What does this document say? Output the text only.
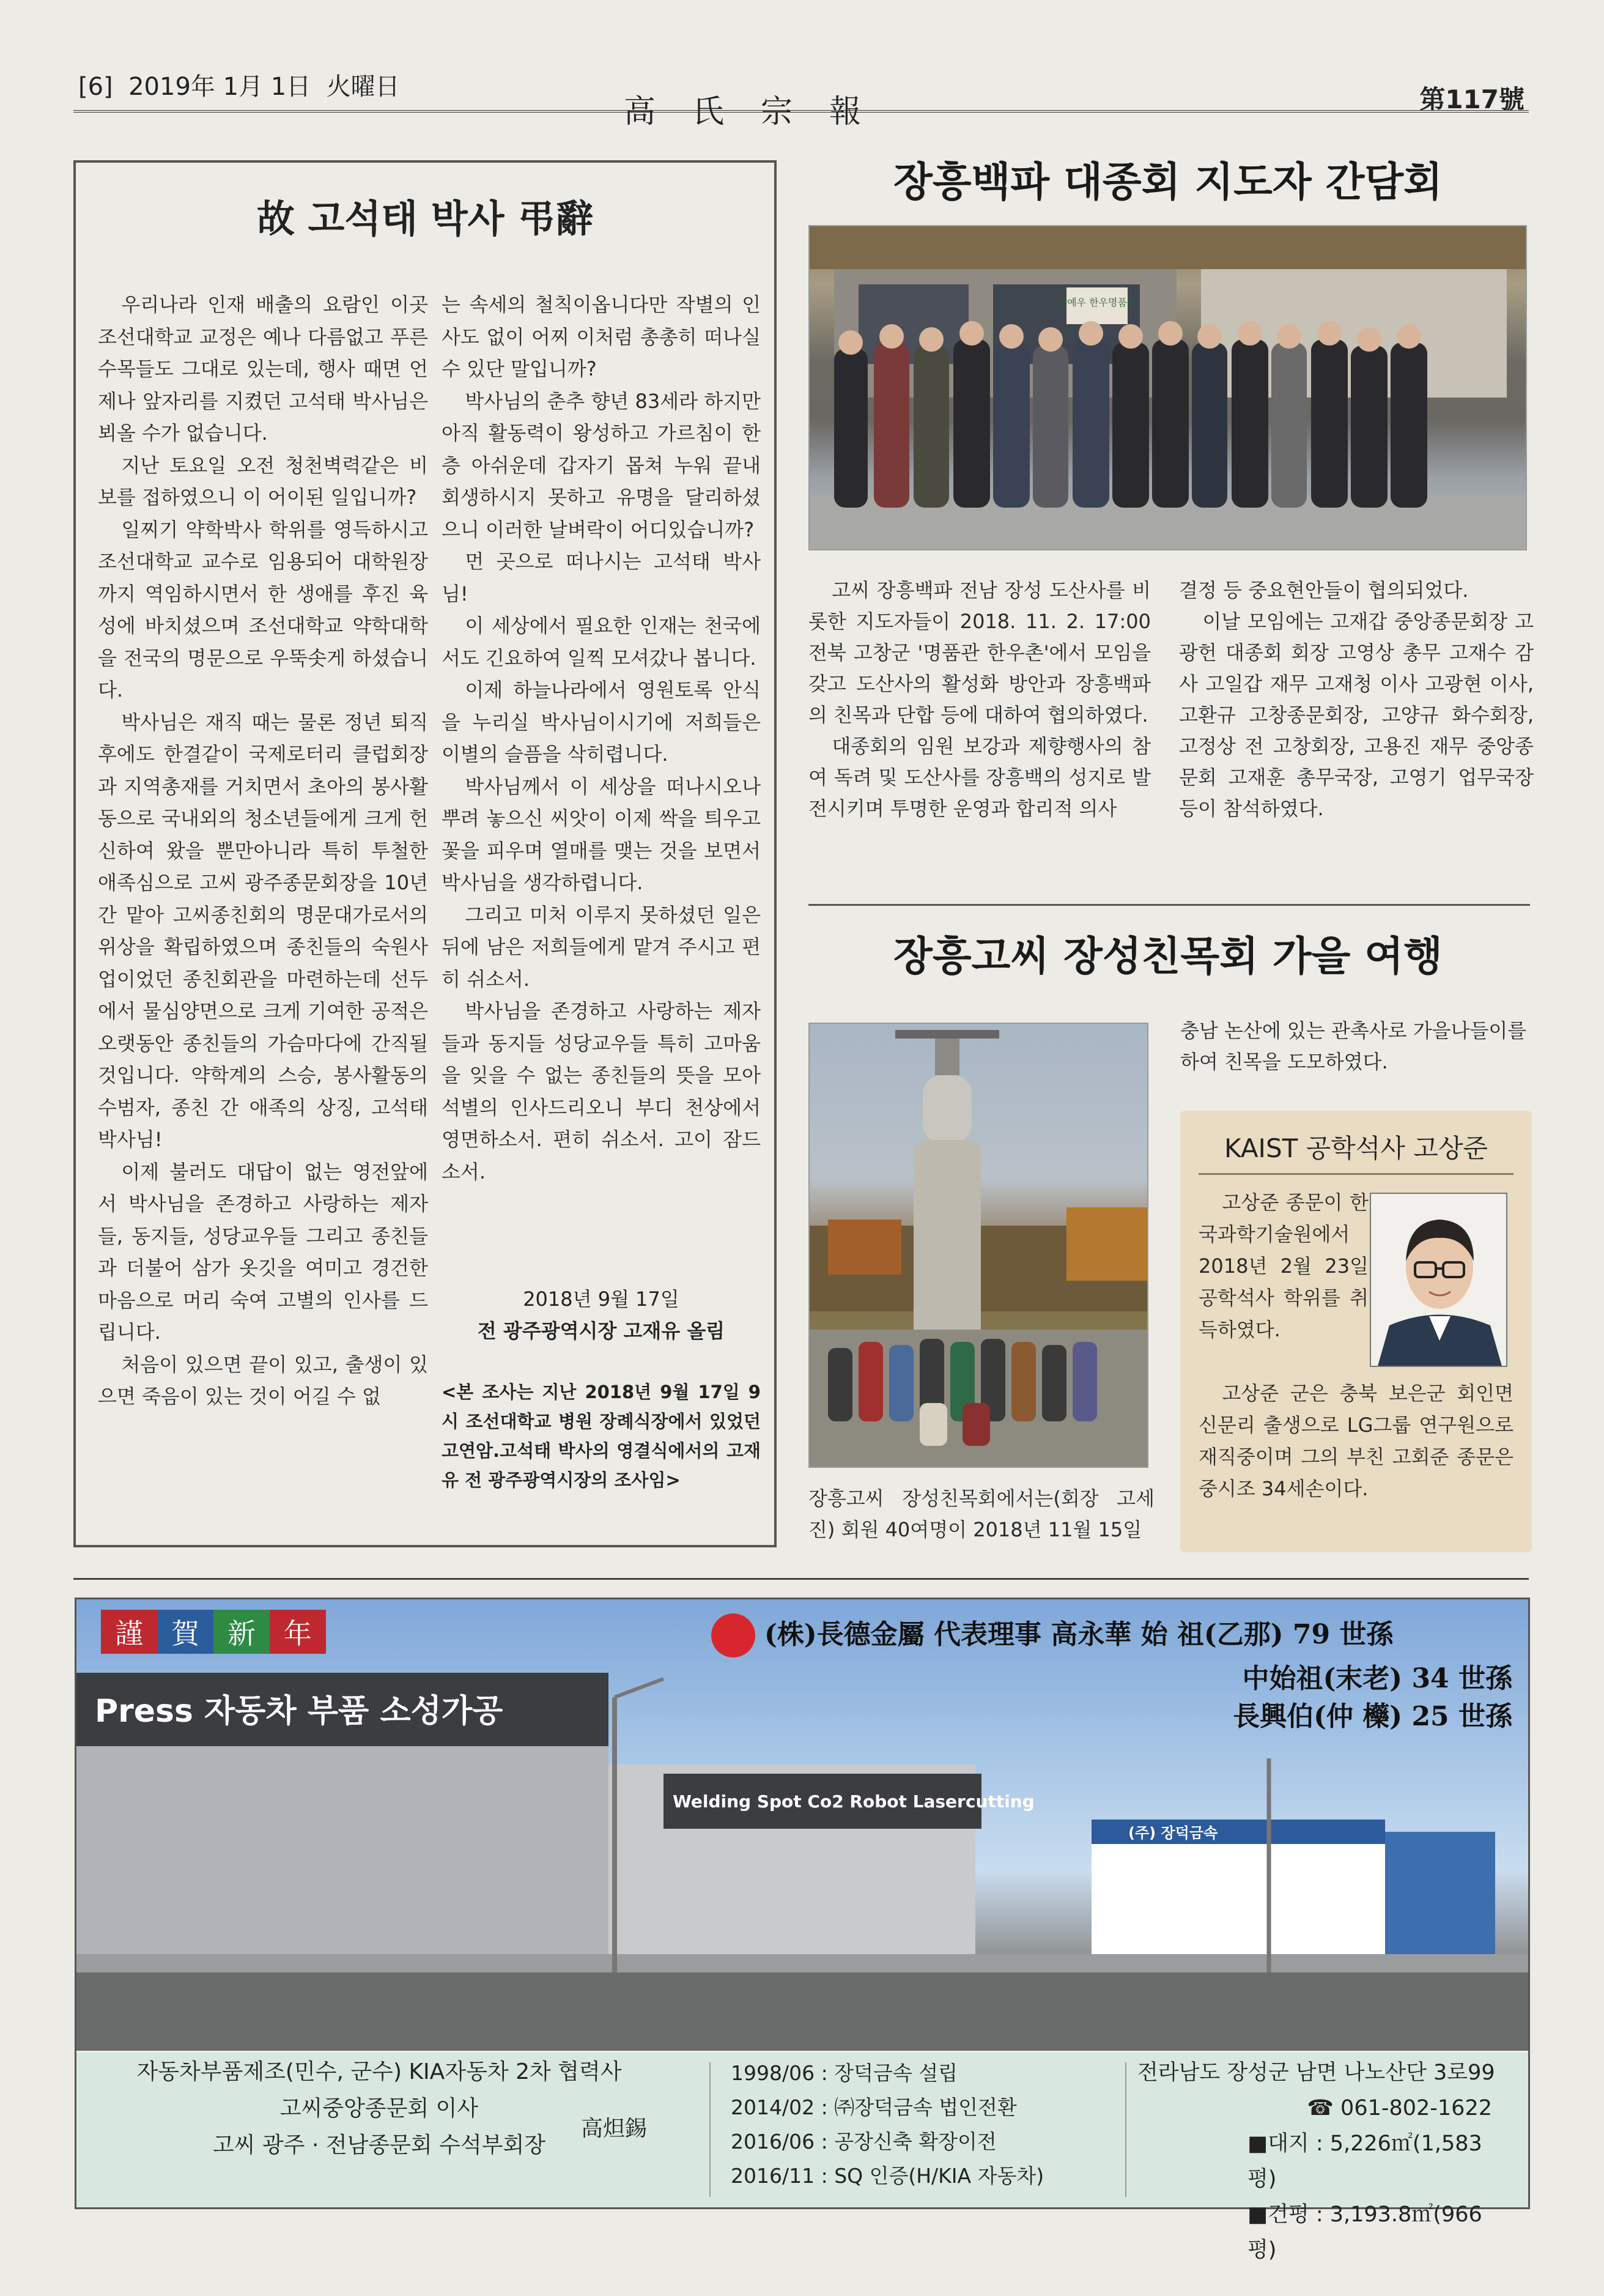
[6]  2019年 1月 1日  火曜日
高氏宗報	第117號
故 고석태 박사 弔辭

우리나라 인재 배출의 요람인 이곳 조선대학교 교정은 예나 다름없고 푸른 수목들도 그대로 있는데, 행사 때면 언제나 앞자리를 지켰던 고석태 박사님은 뵈올 수가 없습니다.

지난 토요일 오전 청천벽력같은 비보를 접하였으니 이 어이된 일입니까?

일찌기 약학박사 학위를 영득하시고 조선대학교 교수로 임용되어 대학원장까지 역임하시면서 한 생애를 후진 육성에 바치셨으며 조선대학교 약학대학을 전국의 명문으로 우뚝솟게 하셨습니다.

박사님은 재직 때는 물론 정년 퇴직 후에도 한결같이 국제로터리 클럽회장과 지역총재를 거치면서 초아의 봉사활동으로 국내외의 청소년들에게 크게 헌신하여 왔을 뿐만아니라 특히 투철한 애족심으로 고씨 광주종문회장을 10년간 맡아 고씨종친회의 명문대가로서의 위상을 확립하였으며 종친들의 숙원사업이었던 종친회관을 마련하는데 선두에서 물심양면으로 크게 기여한 공적은 오랫동안 종친들의 가슴마다에 간직될 것입니다. 약학계의 스승, 봉사활동의 수범자, 종친 간 애족의 상징, 고석태 박사님!

이제 불러도 대답이 없는 영전앞에서 박사님을 존경하고 사랑하는 제자들, 동지들, 성당교우들 그리고 종친들과 더불어 삼가 옷깃을 여미고 경건한 마음으로 머리 숙여 고별의 인사를 드립니다.

처음이 있으면 끝이 있고, 출생이 있으면 죽음이 있는 것이 어길 수 없

는 속세의 철칙이옵니다만 작별의 인사도 없이 어찌 이처럼 총총히 떠나실 수 있단 말입니까?

박사님의 춘추 향년 83세라 하지만 아직 활동력이 왕성하고 가르침이 한층 아쉬운데 갑자기 몹쳐 누워 끝내 회생하시지 못하고 유명을 달리하셨으니 이러한 날벼락이 어디있습니까?

먼 곳으로 떠나시는 고석태 박사님!

이 세상에서 필요한 인재는 천국에서도 긴요하여 일찍 모셔갔나 봅니다.

이제 하늘나라에서 영원토록 안식을 누리실 박사님이시기에 저희들은 이별의 슬픔을 삭히렵니다.

박사님께서 이 세상을 떠나시오나 뿌려 놓으신 씨앗이 이제 싹을 틔우고 꽃을 피우며 열매를 맺는 것을 보면서 박사님을 생각하렵니다.

그리고 미처 이루지 못하셨던 일은 뒤에 남은 저희들에게 맡겨 주시고 편히 쉬소서.

박사님을 존경하고 사랑하는 제자들과 동지들 성당교우들 특히 고마움을 잊을 수 없는 종친들의 뜻을 모아 석별의 인사드리오니 부디 천상에서 영면하소서. 편히 쉬소서. 고이 잠드소서.

2018년 9월 17일
전 광주광역시장 고재유 올림
<본 조사는 지난 2018년 9월 17일 9시 조선대학교 병원 장례식장에서 있었던 고연암.고석태 박사의 영결식에서의 고재유 전 광주광역시장의 조사임>
장흥백파 대종회 지도자 간담회
참예우 한우명품관

고씨 장흥백파 전남 장성 도산사를 비롯한 지도자들이 2018. 11. 2. 17:00 전북 고창군 '명품관 한우촌'에서 모임을 갖고 도산사의 활성화 방안과 장흥백파의 친목과 단합 등에 대하여 협의하였다.

대종회의 임원 보강과 제향행사의 참여 독려 및 도산사를 장흥백의 성지로 발전시키며 투명한 운영과 합리적 의사

결정 등 중요현안들이 협의되었다.

이날 모임에는 고재갑 중앙종문회장 고광헌 대종회 회장 고영상 총무 고재수 감사 고일갑 재무 고재청 이사 고광현 이사, 고환규 고창종문회장, 고양규 화수회장, 고정상 전 고창회장, 고용진 재무 중앙종문회 고재훈 총무국장, 고영기 업무국장 등이 참석하였다.

장흥고씨 장성친목회 가을 여행
충남 논산에 있는 관촉사로 가을나들이를 하여 친목을 도모하였다.
장흥고씨 장성친목회에서는(회장 고세진) 회원 40여명이 2018년 11월 15일
KAIST 공학석사 고상준
고상준 종문이 한국과학기술원에서 2018년 2월 23일 공학석사 학위를 취득하였다.
고상준 군은 충북 보은군 회인면 신문리 출생으로 LG그룹 연구원으로 재직중이며 그의 부친 고회준 종문은 중시조 34세손이다.
Press 자동차 부품 소성가공
Welding Spot Co2 Robot Lasercutting
(주) 장덕금속
謹	賀	新	年	(株)長德金屬 代表理事 高永華 始 祖(乙那) 79 世孫
中始祖(末老) 34 世孫
長興伯(仲 㰛) 25 世孫
자동차부품제조(민수, 군수) KIA자동차 2차 협력사
고씨중앙종문회 이사
고씨 광주 · 전남종문회 수석부회장
高炟錫
1998/06 : 장덕금속 설립
2014/02 : ㈜장덕금속 법인전환
2016/06 : 공장신축 확장이전
2016/11 : SQ 인증(H/KIA 자동차)
전라남도 장성군 남면 나노산단 3로99
☎ 061-802-1622
■대지 : 5,226㎡(1,583평)
■건평 : 3,193.8㎡(966평)
